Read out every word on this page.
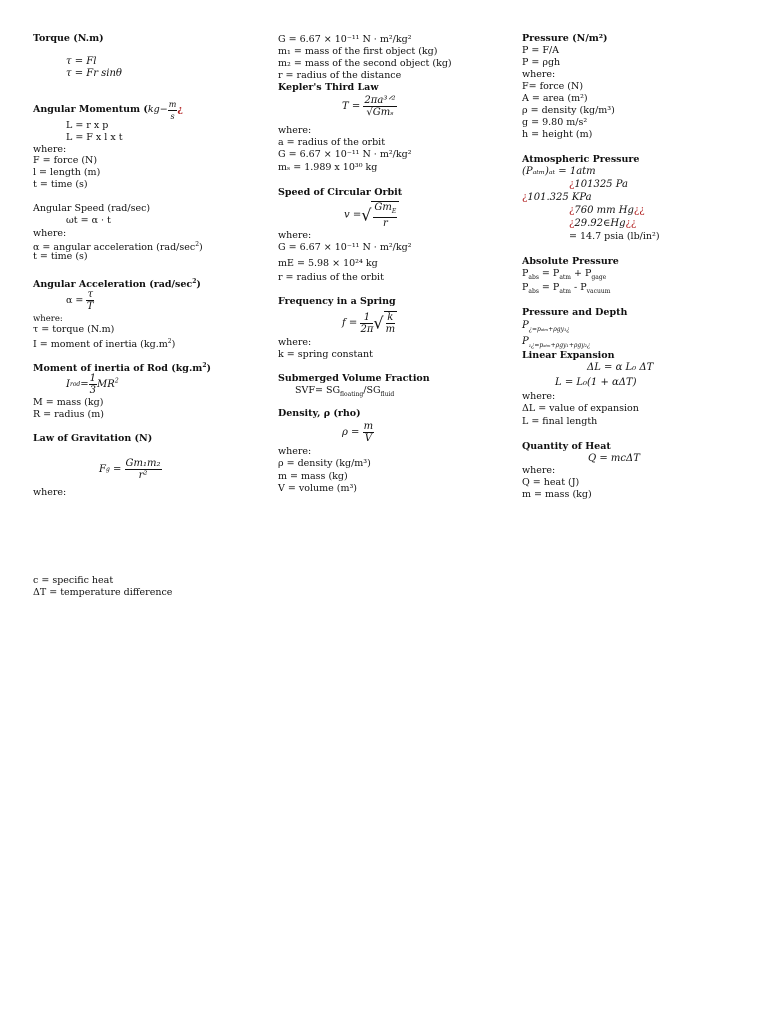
Torque (N.m)
τ = Fl
τ = Fr sinθ
Angular Momentum ($kg- \frac{m}{s}$ ¿
L = r x p
L = F x l x t
where:
F = force (N)
l = length (m)
t = time (s)
Angular Speed (rad/sec)
ωt = α · t
where:
α = angular acceleration $(rad/\sec^2)$
t = time (s)
Angular Acceleration $(rad/\sec^2)$
$\alpha = \frac{\tau}{T}$
where:
τ = torque (N.m)
I = moment of inertia $(kg.m^2)$
Moment of inertia of Rod $(kg.m^2)$
Irod= $\frac{1}{3} MR^2$
M = mass (kg)
R = radius (m)
Law of Gravitation (N)
$Fg = \frac{\text{Gm₁m₂}}{\text{r²}}$
where:
c = specific heat
ΔT = temperature difference
G = 6.67 × 10⁻¹¹ N · m²/kg²
m₁ = mass of the first object (kg)
m₂ = mass of the second object (kg)
r = radius of the distance
Kepler's Third Law
$T = \frac{\text{2πa³ᐟ²}}{\text{√Gmₛ}}$
where:
a = radius of the orbit
G = 6.67 × 10⁻¹¹ N · m²/kg²
mₛ = 1.989 x 10³⁰ kg
Speed of Circular Orbit
v =√ $\frac{Gm_E}{r}$
where:
G = 6.67 × 10⁻¹¹ N · m²/kg²
mE = 5.98 × 10²⁴ kg
r = radius of the orbit
Frequency in a Spring
$f = \frac{1}{2\pi}$ √ $\frac{k}{m}$
where:
k = spring constant
Submerged Volume Fraction
$SVF= SG_{floating}/SG_{fluid}$
Density, ρ (rho)
$\rho = \frac{m}{V}$
where:
ρ = density (kg/m³)
m = mass (kg)
V = volume (m³)
Pressure (N/m²)
P = F/A
P = ρgh
where:
F= force (N)
A = area (m²)
ρ = density (kg/m³)
g = 9.80 m/s²
h = height (m)
Atmospheric Pressure
(Pₐₜₘ)ₐₜ = 1atm
¿101325 Pa
¿101.325 KPa
¿760 mm Hg¿¿
¿29.92∈Hg¿¿
= 14.7 psia (lb/in²)
Absolute Pressure
$P_{abs} = P_{atm} + P_{gage}$
$P_{abs} = P_{atm} - P_{vacuum}$
Pressure and Depth
$P_{¿=p_{atm}+\rho gy_1¿}$
$P_{_1¿=p_{atm}+\rho gy_1+\rho gy_2¿}$
Linear Expansion
ΔL = α L₀ ΔT
L = L₀(1 + αΔT)
where:
ΔL = value of expansion
L = final length
Quantity of Heat
Q = mcΔT
where:
Q = heat (J)
m = mass (kg)
